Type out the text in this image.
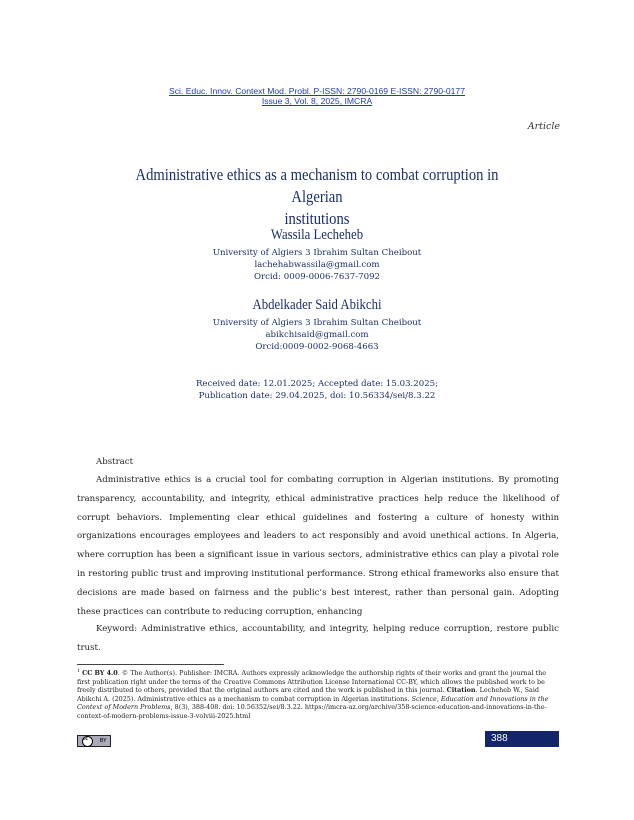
Sci. Educ. Innov. Context Mod. Probl. P-ISSN: 2790-0169 E-ISSN: 2790-0177
Issue 3, Vol. 8, 2025, IMCRA
Article
Administrative ethics as a mechanism to combat corruption in Algerian
institutions
Wassila Lecheheb
University of Algiers 3 Ibrahim Sultan Cheibout
lachehabwassila@gmail.com
Orcid: 0009-0006-7637-7092
Abdelkader Said Abikchi
University of Algiers 3 Ibrahim Sultan Cheibout
abikchisaid@gmail.com
Orcid:0009-0002-9068-4663
Received date: 12.01.2025; Accepted date: 15.03.2025;
Publication date: 29.04.2025, doi: 10.56334/sei/8.3.22
Abstract
Administrative ethics is a crucial tool for combating corruption in Algerian institutions. By promoting transparency, accountability, and integrity, ethical administrative practices help reduce the likelihood of corrupt behaviors. Implementing clear ethical guidelines and fostering a culture of honesty within organizations encourages employees and leaders to act responsibly and avoid unethical actions. In Algeria, where corruption has been a significant issue in various sectors, administrative ethics can play a pivotal role in restoring public trust and improving institutional performance. Strong ethical frameworks also ensure that decisions are made based on fairness and the public’s best interest, rather than personal gain. Adopting these practices can contribute to reducing corruption, enhancing
Keyword: Administrative ethics, accountability, and integrity, helping reduce corruption, restore public trust.
$^1$ CC BY 4.0. © The Author(s). Publisher: IMCRA. Authors expressly acknowledge the authorship rights of their works and grant the journal the first publication right under the terms of the Creative Commons Attribution License International CC-BY, which allows the published work to be freely distributed to others, provided that the original authors are cited and the work is published in this journal. Citation. Lecheheb W., Said Abikchi A. (2025). Administrative ethics as a mechanism to combat corruption in Algerian institutions. Science, Education and Innovations in the Context of Modern Problems, 8(3), 388-408. doi: 10.56352/sei/8.3.22. https://imcra-az.org/archive/358-science-education-and-innovations-in-the-context-of-modern-problems-issue-3-volviii-2025.html
cc	BY	388
